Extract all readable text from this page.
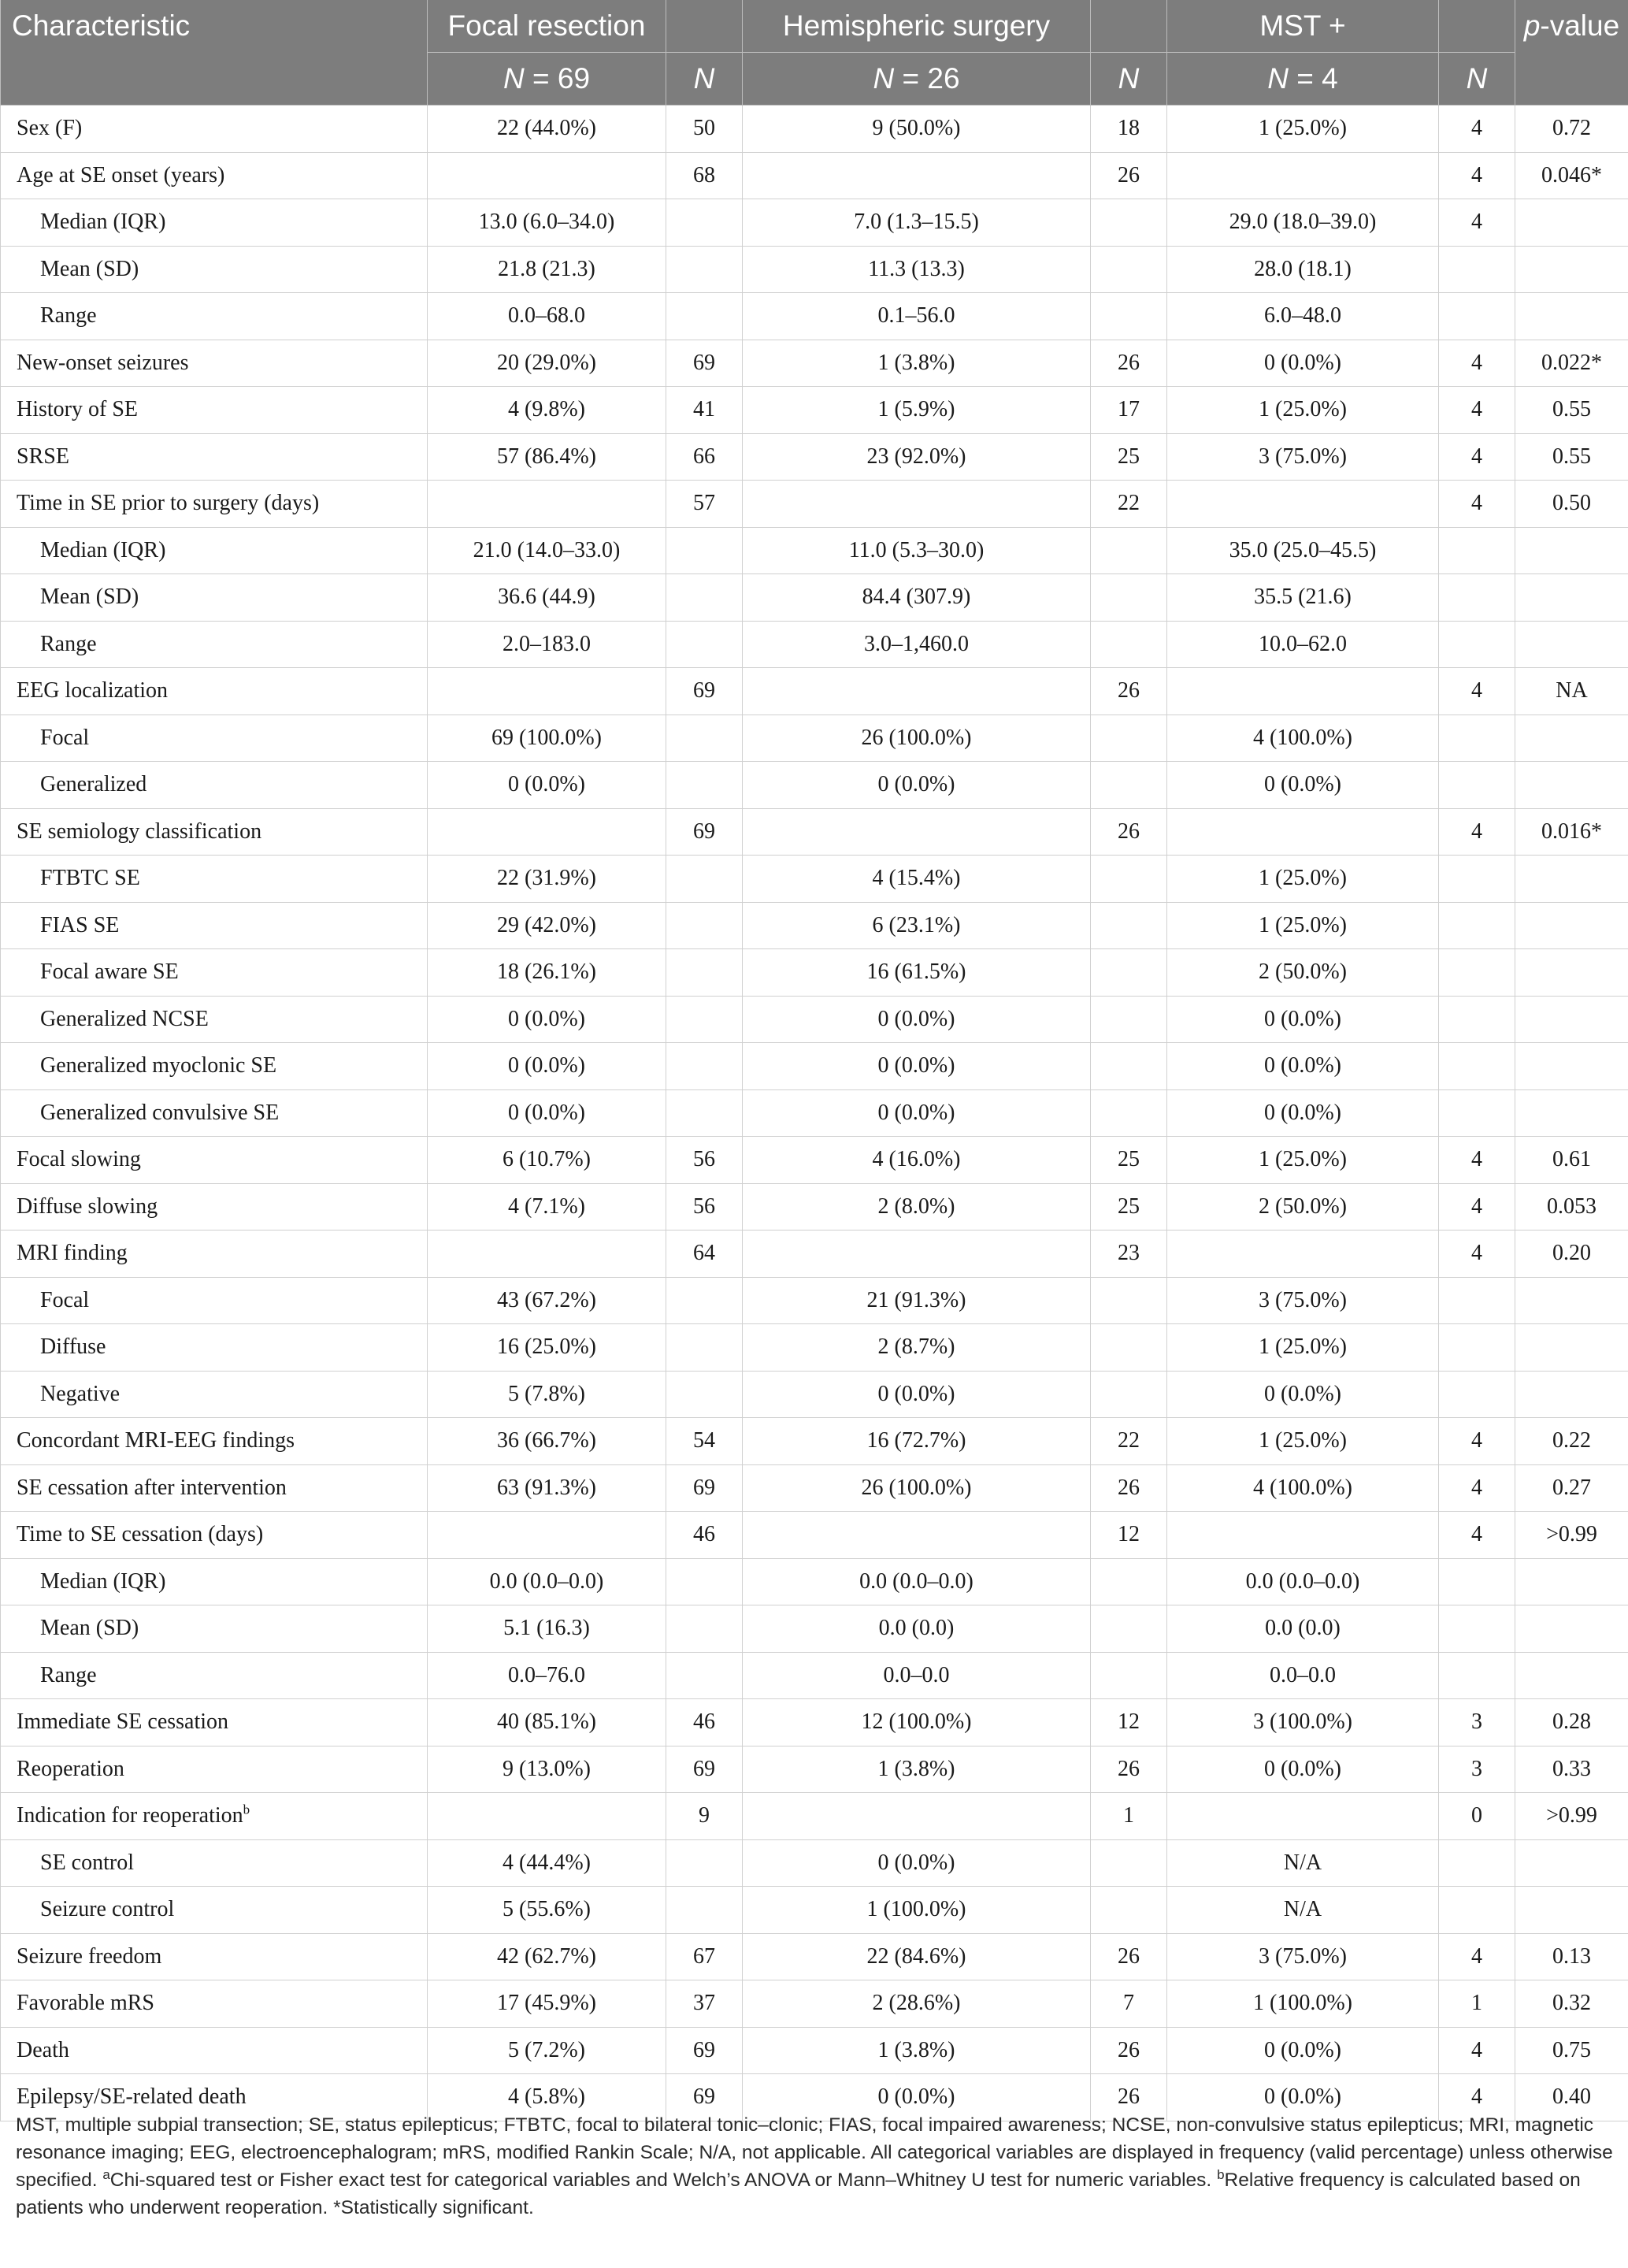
Characteristic	Focal resection		Hemispheric surgery		MST +		p-value
	N = 69	N	N = 26	N	N = 4	N	
Sex (F)	22 (44.0%)	50	9 (50.0%)	18	1 (25.0%)	4	0.72
Age at SE onset (years)		68		26		4	0.046*
Median (IQR)	13.0 (6.0–34.0)		7.0 (1.3–15.5)		29.0 (18.0–39.0)	4	
Mean (SD)	21.8 (21.3)		11.3 (13.3)		28.0 (18.1)		
Range	0.0–68.0		0.1–56.0		6.0–48.0		
New-onset seizures	20 (29.0%)	69	1 (3.8%)	26	0 (0.0%)	4	0.022*
History of SE	4 (9.8%)	41	1 (5.9%)	17	1 (25.0%)	4	0.55
SRSE	57 (86.4%)	66	23 (92.0%)	25	3 (75.0%)	4	0.55
Time in SE prior to surgery (days)		57		22		4	0.50
Median (IQR)	21.0 (14.0–33.0)		11.0 (5.3–30.0)		35.0 (25.0–45.5)		
Mean (SD)	36.6 (44.9)		84.4 (307.9)		35.5 (21.6)		
Range	2.0–183.0		3.0–1,460.0		10.0–62.0		
EEG localization		69		26		4	NA
Focal	69 (100.0%)		26 (100.0%)		4 (100.0%)		
Generalized	0 (0.0%)		0 (0.0%)		0 (0.0%)		
SE semiology classification		69		26		4	0.016*
FTBTC SE	22 (31.9%)		4 (15.4%)		1 (25.0%)		
FIAS SE	29 (42.0%)		6 (23.1%)		1 (25.0%)		
Focal aware SE	18 (26.1%)		16 (61.5%)		2 (50.0%)		
Generalized NCSE	0 (0.0%)		0 (0.0%)		0 (0.0%)		
Generalized myoclonic SE	0 (0.0%)		0 (0.0%)		0 (0.0%)		
Generalized convulsive SE	0 (0.0%)		0 (0.0%)		0 (0.0%)		
Focal slowing	6 (10.7%)	56	4 (16.0%)	25	1 (25.0%)	4	0.61
Diffuse slowing	4 (7.1%)	56	2 (8.0%)	25	2 (50.0%)	4	0.053
MRI finding		64		23		4	0.20
Focal	43 (67.2%)		21 (91.3%)		3 (75.0%)		
Diffuse	16 (25.0%)		2 (8.7%)		1 (25.0%)		
Negative	5 (7.8%)		0 (0.0%)		0 (0.0%)		
Concordant MRI-EEG findings	36 (66.7%)	54	16 (72.7%)	22	1 (25.0%)	4	0.22
SE cessation after intervention	63 (91.3%)	69	26 (100.0%)	26	4 (100.0%)	4	0.27
Time to SE cessation (days)		46		12		4	>0.99
Median (IQR)	0.0 (0.0–0.0)		0.0 (0.0–0.0)		0.0 (0.0–0.0)		
Mean (SD)	5.1 (16.3)		0.0 (0.0)		0.0 (0.0)		
Range	0.0–76.0		0.0–0.0		0.0–0.0		
Immediate SE cessation	40 (85.1%)	46	12 (100.0%)	12	3 (100.0%)	3	0.28
Reoperation	9 (13.0%)	69	1 (3.8%)	26	0 (0.0%)	3	0.33
Indication for reoperation$^b$		9		1		0	>0.99
SE control	4 (44.4%)		0 (0.0%)		N/A		
Seizure control	5 (55.6%)		1 (100.0%)		N/A		
Seizure freedom	42 (62.7%)	67	22 (84.6%)	26	3 (75.0%)	4	0.13
Favorable mRS	17 (45.9%)	37	2 (28.6%)	7	1 (100.0%)	1	0.32
Death	5 (7.2%)	69	1 (3.8%)	26	0 (0.0%)	4	0.75
Epilepsy/SE-related death	4 (5.8%)	69	0 (0.0%)	26	0 (0.0%)	4	0.40
MST, multiple subpial transection; SE, status epilepticus; FTBTC, focal to bilateral tonic–clonic; FIAS, focal impaired awareness; NCSE, non-convulsive status epilepticus; MRI, magnetic resonance imaging; EEG, electroencephalogram; mRS, modified Rankin Scale; N/A, not applicable. All categorical variables are displayed in frequency (valid percentage) unless otherwise specified. $^a$Chi-squared test or Fisher exact test for categorical variables and Welch’s ANOVA or Mann–Whitney U test for numeric variables. $^b$Relative frequency is calculated based on patients who underwent reoperation. *Statistically significant.
